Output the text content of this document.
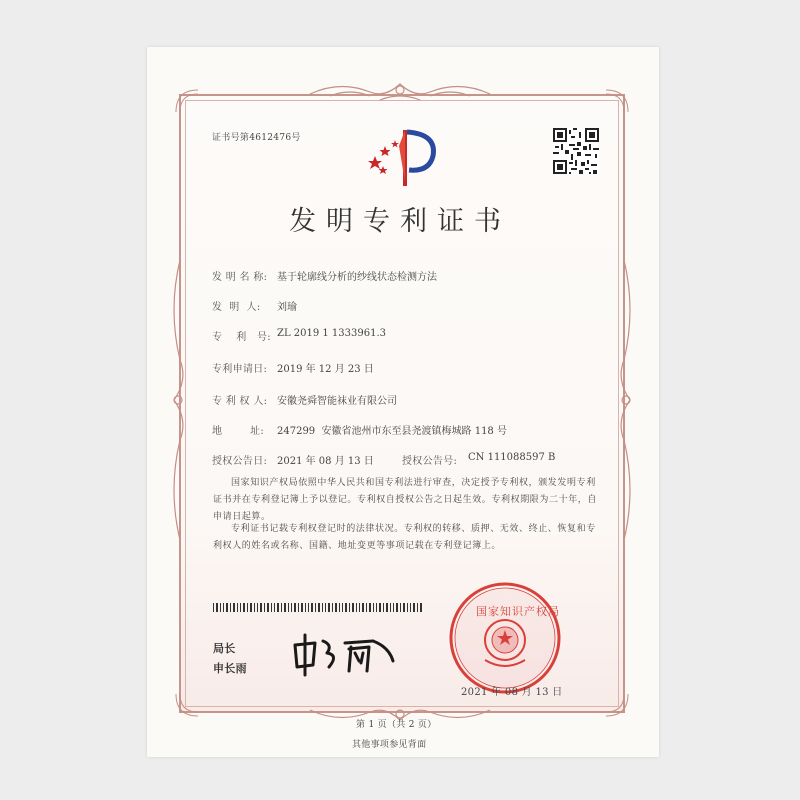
证书号第4612476号
发明专利证书
发 明 名 称: 基于轮廓线分析的纱线状态检测方法
发  明  人: 刘瑜
专    利   号: ZL 2019 1 1333961.3
专利申请日: 2019 年 12 月 23 日
专 利 权 人: 安徽尧舜智能袜业有限公司
地        址: 247299  安徽省池州市东至县尧渡镇梅城路 118 号
授权公告日: 2021 年 08 月 13 日	授权公告号: CN 111088597 B
国家知识产权局依照中华人民共和国专利法进行审查，决定授予专利权，颁发发明专利证书并在专利登记簿上予以登记。专利权自授权公告之日起生效。专利权期限为二十年，自申请日起算。
专利证书记载专利权登记时的法律状况。专利权的转移、质押、无效、终止、恢复和专利权人的姓名或名称、国籍、地址变更等事项记载在专利登记簿上。
局长
申长雨
国家知识产权局
2021 年 08 月 13 日
第 1 页（共 2 页）
其他事项参见背面
